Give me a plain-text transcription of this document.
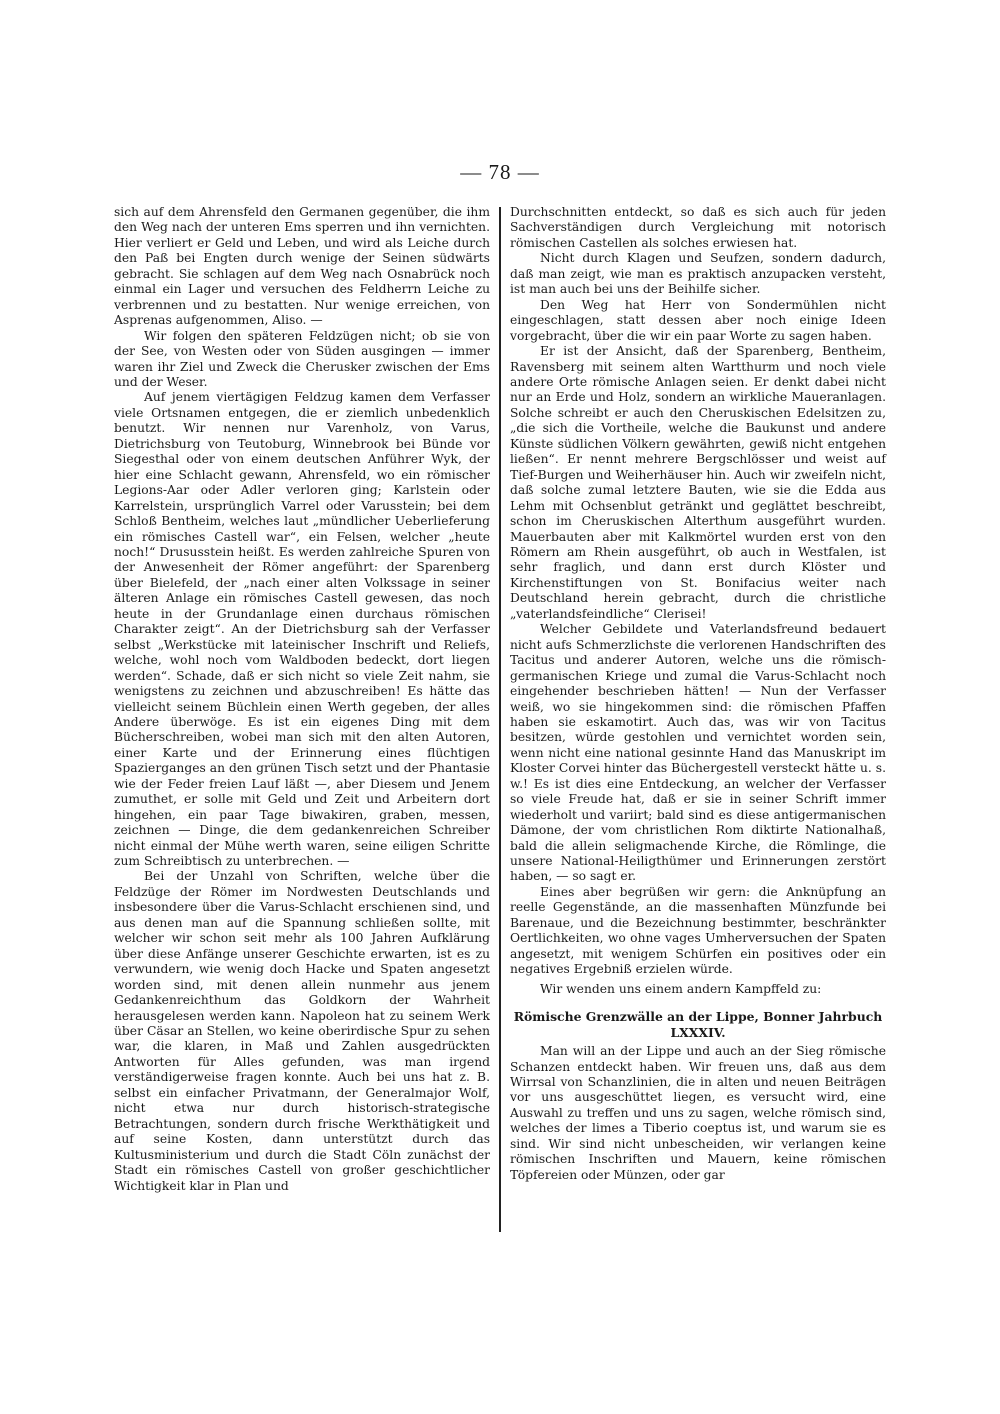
— 78 —

sich auf dem Ahrensfeld den Germanen gegenüber, die ihm den Weg nach der unteren Ems sperren und ihn vernichten. Hier verliert er Geld und Leben, und wird als Leiche durch den Paß bei Engten durch wenige der Seinen südwärts gebracht. Sie schlagen auf dem Weg nach Osnabrück noch einmal ein Lager und versuchen des Feldherrn Leiche zu verbrennen und zu bestatten. Nur wenige erreichen, von Asprenas aufgenommen, Aliso. —

Wir folgen den späteren Feldzügen nicht; ob sie von der See, von Westen oder von Süden ausgingen — immer waren ihr Ziel und Zweck die Cherusker zwischen der Ems und der Weser.

Auf jenem viertägigen Feldzug kamen dem Verfasser viele Ortsnamen entgegen, die er ziemlich unbedenklich benutzt. Wir nennen nur Varenholz, von Varus, Dietrichsburg von Teutoburg, Winnebrook bei Bünde vor Siegesthal oder von einem deutschen Anführer Wyk, der hier eine Schlacht gewann, Ahrensfeld, wo ein römischer Legions-Aar oder Adler verloren ging; Karlstein oder Karrelstein, ursprünglich Varrel oder Varusstein; bei dem Schloß Bentheim, welches laut „mündlicher Ueberlieferung ein römisches Castell war“, ein Felsen, welcher „heute noch!“ Drususstein heißt. Es werden zahlreiche Spuren von der Anwesenheit der Römer angeführt: der Sparenberg über Bielefeld, der „nach einer alten Volkssage in seiner älteren Anlage ein römisches Castell gewesen, das noch heute in der Grundanlage einen durchaus römischen Charakter zeigt“. An der Dietrichsburg sah der Verfasser selbst „Werkstücke mit lateinischer Inschrift und Reliefs, welche, wohl noch vom Waldboden bedeckt, dort liegen werden“. Schade, daß er sich nicht so viele Zeit nahm, sie wenigstens zu zeichnen und abzuschreiben! Es hätte das vielleicht seinem Büchlein einen Werth gegeben, der alles Andere überwöge. Es ist ein eigenes Ding mit dem Bücherschreiben, wobei man sich mit den alten Autoren, einer Karte und der Erinnerung eines flüchtigen Spazierganges an den grünen Tisch setzt und der Phantasie wie der Feder freien Lauf läßt —, aber Diesem und Jenem zumuthet, er solle mit Geld und Zeit und Arbeitern dort hingehen, ein paar Tage biwakiren, graben, messen, zeichnen — Dinge, die dem gedankenreichen Schreiber nicht einmal der Mühe werth waren, seine eiligen Schritte zum Schreibtisch zu unterbrechen. —

Bei der Unzahl von Schriften, welche über die Feldzüge der Römer im Nordwesten Deutschlands und insbesondere über die Varus-Schlacht erschienen sind, und aus denen man auf die Spannung schließen sollte, mit welcher wir schon seit mehr als 100 Jahren Aufklärung über diese Anfänge unserer Geschichte erwarten, ist es zu verwundern, wie wenig doch Hacke und Spaten angesetzt worden sind, mit denen allein nunmehr aus jenem Gedankenreichthum das Goldkorn der Wahrheit herausgelesen werden kann. Napoleon hat zu seinem Werk über Cäsar an Stellen, wo keine oberirdische Spur zu sehen war, die klaren, in Maß und Zahlen ausgedrückten Antworten für Alles gefunden, was man irgend verständigerweise fragen konnte. Auch bei uns hat z. B. selbst ein einfacher Privatmann, der Generalmajor Wolf, nicht etwa nur durch historisch-strategische Betrachtungen, sondern durch frische Werkthätigkeit und auf seine Kosten, dann unterstützt durch das Kultusministerium und durch die Stadt Cöln zunächst der Stadt ein römisches Castell von großer geschichtlicher Wichtigkeit klar in Plan und

Durchschnitten entdeckt, so daß es sich auch für jeden Sachverständigen durch Vergleichung mit notorisch römischen Castellen als solches erwiesen hat.

Nicht durch Klagen und Seufzen, sondern dadurch, daß man zeigt, wie man es praktisch anzupacken versteht, ist man auch bei uns der Beihilfe sicher.

Den Weg hat Herr von Sondermühlen nicht eingeschlagen, statt dessen aber noch einige Ideen vorgebracht, über die wir ein paar Worte zu sagen haben.

Er ist der Ansicht, daß der Sparenberg, Bentheim, Ravensberg mit seinem alten Wartthurm und noch viele andere Orte römische Anlagen seien. Er denkt dabei nicht nur an Erde und Holz, sondern an wirkliche Maueranlagen. Solche schreibt er auch den Cheruskischen Edelsitzen zu, „die sich die Vortheile, welche die Baukunst und andere Künste südlichen Völkern gewährten, gewiß nicht entgehen ließen“. Er nennt mehrere Bergschlösser und weist auf Tief-Burgen und Weiherhäuser hin. Auch wir zweifeln nicht, daß solche zumal letztere Bauten, wie sie die Edda aus Lehm mit Ochsenblut getränkt und geglättet beschreibt, schon im Cheruskischen Alterthum ausgeführt wurden. Mauerbauten aber mit Kalkmörtel wurden erst von den Römern am Rhein ausgeführt, ob auch in Westfalen, ist sehr fraglich, und dann erst durch Klöster und Kirchenstiftungen von St. Bonifacius weiter nach Deutschland herein gebracht, durch die christliche „vaterlandsfeindliche“ Clerisei!

Welcher Gebildete und Vaterlandsfreund bedauert nicht aufs Schmerzlichste die verlorenen Handschriften des Tacitus und anderer Autoren, welche uns die römisch-germanischen Kriege und zumal die Varus-Schlacht noch eingehender beschrieben hätten! — Nun der Verfasser weiß, wo sie hingekommen sind: die römischen Pfaffen haben sie eskamotirt. Auch das, was wir von Tacitus besitzen, würde gestohlen und vernichtet worden sein, wenn nicht eine national gesinnte Hand das Manuskript im Kloster Corvei hinter das Büchergestell versteckt hätte u. s. w.! Es ist dies eine Entdeckung, an welcher der Verfasser so viele Freude hat, daß er sie in seiner Schrift immer wiederholt und variirt; bald sind es diese antigermanischen Dämone, der vom christlichen Rom diktirte Nationalhaß, bald die allein seligmachende Kirche, die Römlinge, die unsere National-Heiligthümer und Erinnerungen zerstört haben, — so sagt er.

Eines aber begrüßen wir gern: die Anknüpfung an reelle Gegenstände, an die massenhaften Münzfunde bei Barenaue, und die Bezeichnung bestimmter, beschränkter Oertlichkeiten, wo ohne vages Umherversuchen der Spaten angesetzt, mit wenigem Schürfen ein positives oder ein negatives Ergebniß erzielen würde.

Wir wenden uns einem andern Kampffeld zu:

Römische Grenzwälle an der Lippe, Bonner Jahrbuch LXXXIV.

Man will an der Lippe und auch an der Sieg römische Schanzen entdeckt haben. Wir freuen uns, daß aus dem Wirrsal von Schanzlinien, die in alten und neuen Beiträgen vor uns ausgeschüttet liegen, es versucht wird, eine Auswahl zu treffen und uns zu sagen, welche römisch sind, welches der limes a Tiberio coeptus ist, und warum sie es sind. Wir sind nicht unbescheiden, wir verlangen keine römischen Inschriften und Mauern, keine römischen Töpfereien oder Münzen, oder gar
